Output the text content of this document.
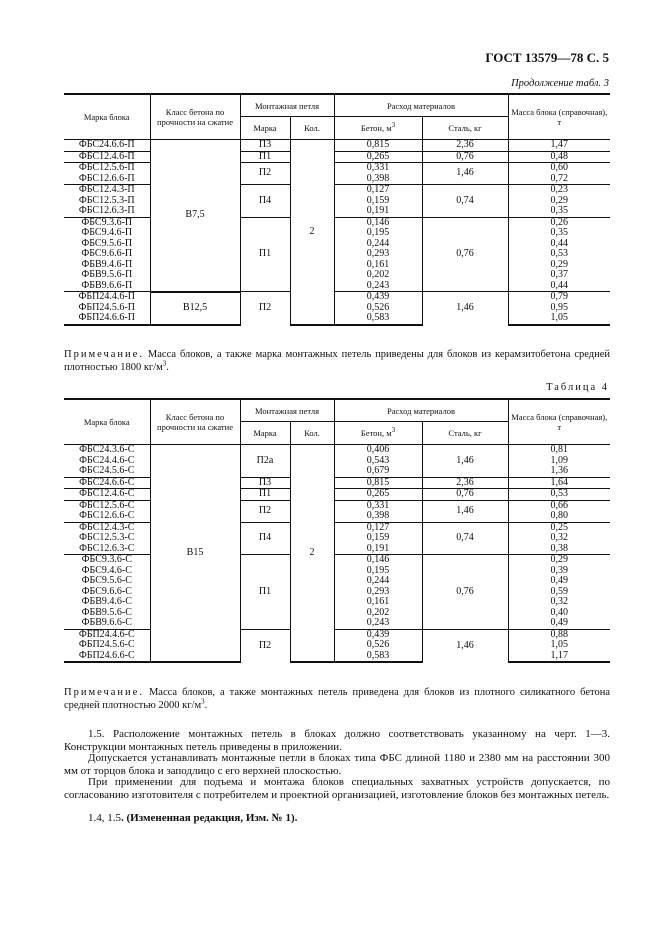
ГОСТ 13579—78 С. 5
Продолжение табл. 3
Марка блока	Класс бетона по прочности на сжатие	Монтажная петля		Расход материалов		Масса блока (справочная), т
		Марка	Кол.	Бетон, $м^3$	Сталь, кг	
ФБС24.6.6-П	B7,5	П3	2	0,815	2,36	1,47
ФБС12.4.6-П		П1		0,265	0,76	0,48
ФБС12.5.6-П		П2		0,331	1,46	0,60
ФБС12.6.6-П				0,398		0,72
ФБС12.4.3-П		П4		0,127	0,74	0,23
ФБС12.5.3-П				0,159		0,29
ФБС12.6.3-П				0,191		0,35
ФБС9.3.6-П		П1		0,146	0,76	0,26
ФБС9.4.6-П				0,195		0,35
ФБС9.5.6-П				0,244		0,44
ФБС9.6.6-П				0,293		0,53
ФБВ9.4.6-П				0,161		0,29
ФБВ9.5.6-П				0,202		0,37
ФБВ9.6.6-П				0,243		0,44
ФБП24.4.6-П	B12,5	П2		0,439	1,46	0,79
ФБП24.5.6-П				0,526		0,95
ФБП24.6.6-П				0,583		1,05
Примечание. Масса блоков, а также марка монтажных петель приведены для блоков из керамзитобетона средней плотностью 1800 $кг/м^3$.
Таблица 4
Марка блока	Класс бетона по прочности на сжатие	Монтажная петля		Расход материалов		Масса блока (справочная), т
		Марка	Кол.	Бетон, $м^3$	Сталь, кг	
ФБС24.3.6-С	B15	П2а	2	0,406	1,46	0,81
ФБС24.4.6-С				0,543		1,09
ФБС24.5.6-С				0,679		1,36
ФБС24.6.6-С		П3		0,815	2,36	1,64
ФБС12.4.6-С		П1		0,265	0,76	0,53
ФБС12.5.6-С		П2		0,331	1,46	0,66
ФБС12.6.6-С				0,398		0,80
ФБС12.4.3-С		П4		0,127	0,74	0,25
ФБС12.5.3-С				0,159		0,32
ФБС12.6.3-С				0,191		0,38
ФБС9.3.6-С		П1		0,146	0,76	0,29
ФБС9.4.6-С				0,195		0,39
ФБС9.5.6-С				0,244		0,49
ФБС9.6.6-С				0,293		0,59
ФБВ9.4.6-С				0,161		0,32
ФБВ9.5.6-С				0,202		0,40
ФБВ9.6.6-С				0,243		0,49
ФБП24.4.6-С		П2		0,439	1,46	0,88
ФБП24.5.6-С				0,526		1,05
ФБП24.6.6-С				0,583		1,17
Примечание. Масса блоков, а также монтажных петель приведена для блоков из плотного силикатного бетона средней плотностью 2000 $кг/м^3$.
1.5. Расположение монтажных петель в блоках должно соответствовать указанному на черт. 1—3. Конструкции монтажных петель приведены в приложении.
Допускается устанавливать монтажные петли в блоках типа ФБС длиной 1180 и 2380 мм на расстоянии 300 мм от торцов блока и заподлицо с его верхней плоскостью.
При применении для подъема и монтажа блоков специальных захватных устройств допускается, по согласованию изготовителя с потребителем и проектной организацией, изготовление блоков без монтажных петель.
1.4, 1.5. (Измененная редакция, Изм. № 1).
